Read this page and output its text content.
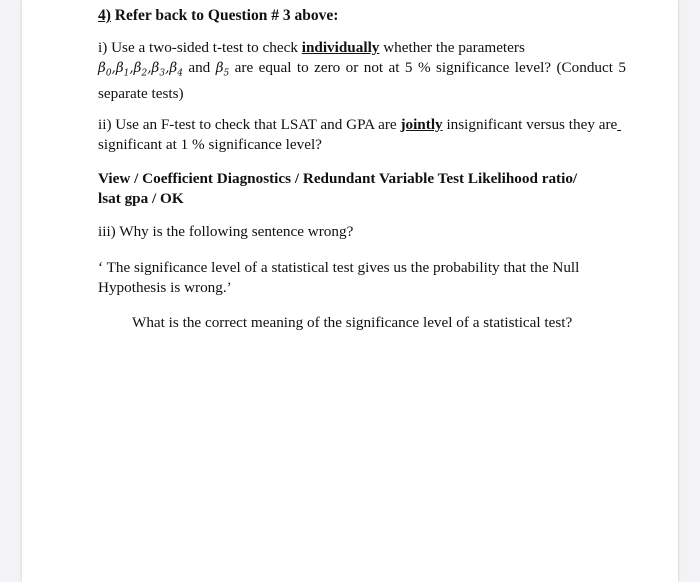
4) Refer back to Question # 3 above:
i) Use a two-sided t-test to check individually whether the parameters
$\beta_0,\beta_1,\beta_2,\beta_3,\beta_4$ and $\beta_5$ are equal to zero or not at 5 % significance level? (Conduct 5 separate tests)
ii) Use an F-test to check that LSAT and GPA are jointly insignificant versus they are  significant at 1 % significance level?
View / Coefficient Diagnostics / Redundant Variable Test Likelihood ratio/
lsat gpa / OK
iii) Why is the following sentence wrong?
‘ The significance level of a statistical test gives us the probability that the Null Hypothesis is wrong.’
What is the correct meaning of the significance level of a statistical test?
